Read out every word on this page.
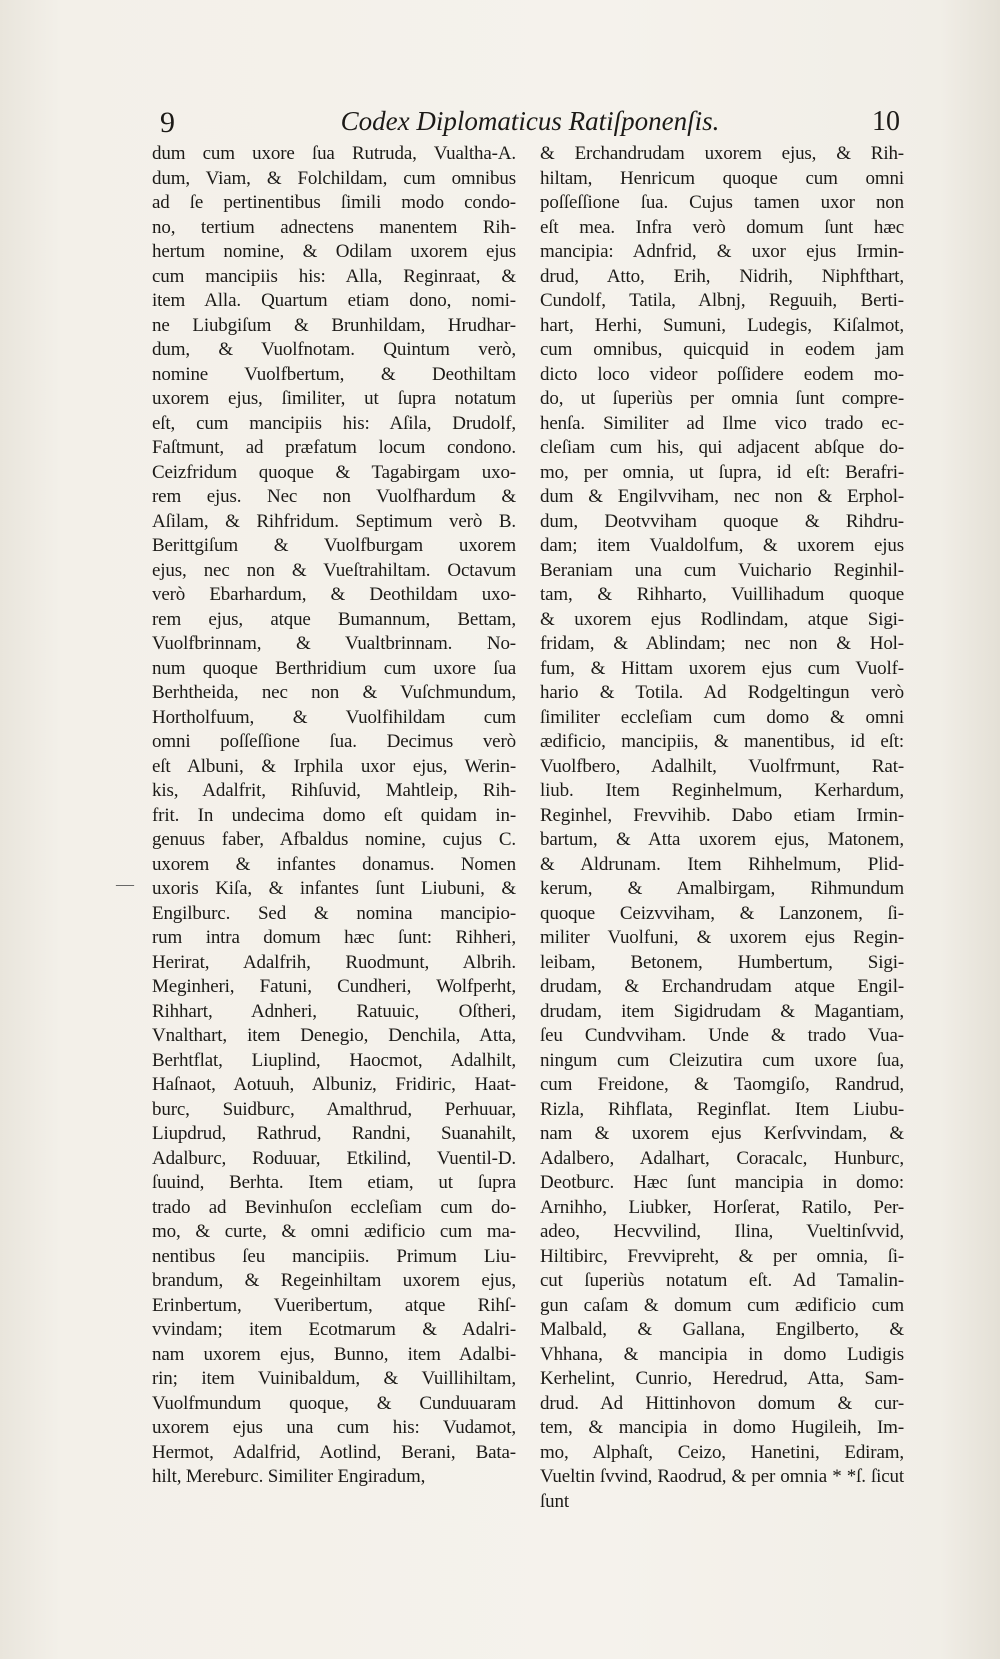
9	Codex Diplomaticus Ratiſponenſis.	10
—
dum cum uxore ſua Rutruda, Vualtha-A.
dum, Viam, & Folchildam, cum omnibus
ad ſe pertinentibus ſimili modo condo-
no, tertium adnectens manentem Rih-
hertum nomine, & Odilam uxorem ejus
cum mancipiis his: Alla, Reginraat, &
item Alla. Quartum etiam dono, nomi-
ne Liubgiſum & Brunhildam, Hrudhar-
dum, & Vuolfnotam. Quintum verò,
nomine Vuolfbertum, & Deothiltam
uxorem ejus, ſimiliter, ut ſupra notatum
eſt, cum mancipiis his: Aſila, Drudolf,
Faſtmunt, ad præfatum locum condono.
Ceizfridum quoque & Tagabirgam uxo-
rem ejus. Nec non Vuolfhardum &
Aſilam, & Rihfridum. Septimum verò B.
Berittgiſum & Vuolfburgam uxorem
ejus, nec non & Vueſtrahiltam. Octavum
verò Ebarhardum, & Deothildam uxo-
rem ejus, atque Bumannum, Bettam,
Vuolfbrinnam, & Vualtbrinnam. No-
num quoque Berthridium cum uxore ſua
Berhtheida, nec non & Vuſchmundum,
Hortholfuum, & Vuolfihildam cum
omni poſſeſſione ſua. Decimus verò
eſt Albuni, & Irphila uxor ejus, Werin-
kis, Adalfrit, Rihſuvid, Mahtleip, Rih-
frit. In undecima domo eſt quidam in-
genuus faber, Afbaldus nomine, cujus C.
uxorem & infantes donamus. Nomen
uxoris Kiſa, & infantes ſunt Liubuni, &
Engilburc. Sed & nomina mancipio-
rum intra domum hæc ſunt: Rihheri,
Herirat, Adalfrih, Ruodmunt, Albrih.
Meginheri, Fatuni, Cundheri, Wolfperht,
Rihhart, Adnheri, Ratuuic, Oſtheri,
Vnalthart, item Denegio, Denchila, Atta,
Berhtflat, Liuplind, Haocmot, Adalhilt,
Haſnaot, Aotuuh, Albuniz, Fridiric, Haat-
burc, Suidburc, Amalthrud, Perhuuar,
Liupdrud, Rathrud, Randni, Suanahilt,
Adalburc, Roduuar, Etkilind, Vuentil-D.
ſuuind, Berhta. Item etiam, ut ſupra
trado ad Bevinhuſon eccleſiam cum do-
mo, & curte, & omni ædificio cum ma-
nentibus ſeu mancipiis. Primum Liu-
brandum, & Regeinhiltam uxorem ejus,
Erinbertum, Vueribertum, atque Rihſ-
vvindam; item Ecotmarum & Adalri-
nam uxorem ejus, Bunno, item Adalbi-
rin; item Vuinibaldum, & Vuillihiltam,
Vuolfmundum quoque, & Cunduuaram
uxorem ejus una cum his: Vudamot,
Hermot, Adalfrid, Aotlind, Berani, Bata-
hilt, Mereburc. Similiter Engiradum,
& Erchandrudam uxorem ejus, & Rih-
hiltam, Henricum quoque cum omni
poſſeſſione ſua. Cujus tamen uxor non
eſt mea. Infra verò domum ſunt hæc
mancipia: Adnfrid, & uxor ejus Irmin-
drud, Atto, Erih, Nidrih, Niphfthart,
Cundolf, Tatila, Albnj, Reguuih, Berti-
hart, Herhi, Sumuni, Ludegis, Kiſalmot,
cum omnibus, quicquid in eodem jam
dicto loco videor poſſidere eodem mo-
do, ut ſuperiùs per omnia ſunt compre-
henſa. Similiter ad Ilme vico trado ec-
cleſiam cum his, qui adjacent abſque do-
mo, per omnia, ut ſupra, id eſt: Berafri-
dum & Engilvviham, nec non & Erphol-
dum, Deotvviham quoque & Rihdru-
dam; item Vualdolfum, & uxorem ejus
Beraniam una cum Vuichario Reginhil-
tam, & Rihharto, Vuillihadum quoque
& uxorem ejus Rodlindam, atque Sigi-
fridam, & Ablindam; nec non & Hol-
fum, & Hittam uxorem ejus cum Vuolf-
hario & Totila. Ad Rodgeltingun verò
ſimiliter eccleſiam cum domo & omni
ædificio, mancipiis, & manentibus, id eſt:
Vuolfbero, Adalhilt, Vuolfrmunt, Rat-
liub. Item Reginhelmum, Kerhardum,
Reginhel, Frevvihib. Dabo etiam Irmin-
bartum, & Atta uxorem ejus, Matonem,
& Aldrunam. Item Rihhelmum, Plid-
kerum, & Amalbirgam, Rihmundum
quoque Ceizvviham, & Lanzonem, ſi-
militer Vuolfuni, & uxorem ejus Regin-
leibam, Betonem, Humbertum, Sigi-
drudam, & Erchandrudam atque Engil-
drudam, item Sigidrudam & Magantiam,
ſeu Cundvviham. Unde & trado Vua-
ningum cum Cleizutira cum uxore ſua,
cum Freidone, & Taomgiſo, Randrud,
Rizla, Rihflata, Reginflat. Item Liubu-
nam & uxorem ejus Kerſvvindam, &
Adalbero, Adalhart, Coracalc, Hunburc,
Deotburc. Hæc ſunt mancipia in domo:
Arnihho, Liubker, Horſerat, Ratilo, Per-
adeo, Hecvvilind, Ilina, Vueltinſvvid,
Hiltibirc, Frevvipreht, & per omnia, ſi-
cut ſuperiùs notatum eſt. Ad Tamalin-
gun caſam & domum cum ædificio cum
Malbald, & Gallana, Engilberto, &
Vhhana, & mancipia in domo Ludigis
Kerhelint, Cunrio, Heredrud, Atta, Sam-
drud. Ad Hittinhovon domum & cur-
tem, & mancipia in domo Hugileih, Im-
mo, Alphaſt, Ceizo, Hanetini, Ediram,
Vueltin ſvvind, Raodrud, & per omnia * *ſ. ſicut
ſunt
